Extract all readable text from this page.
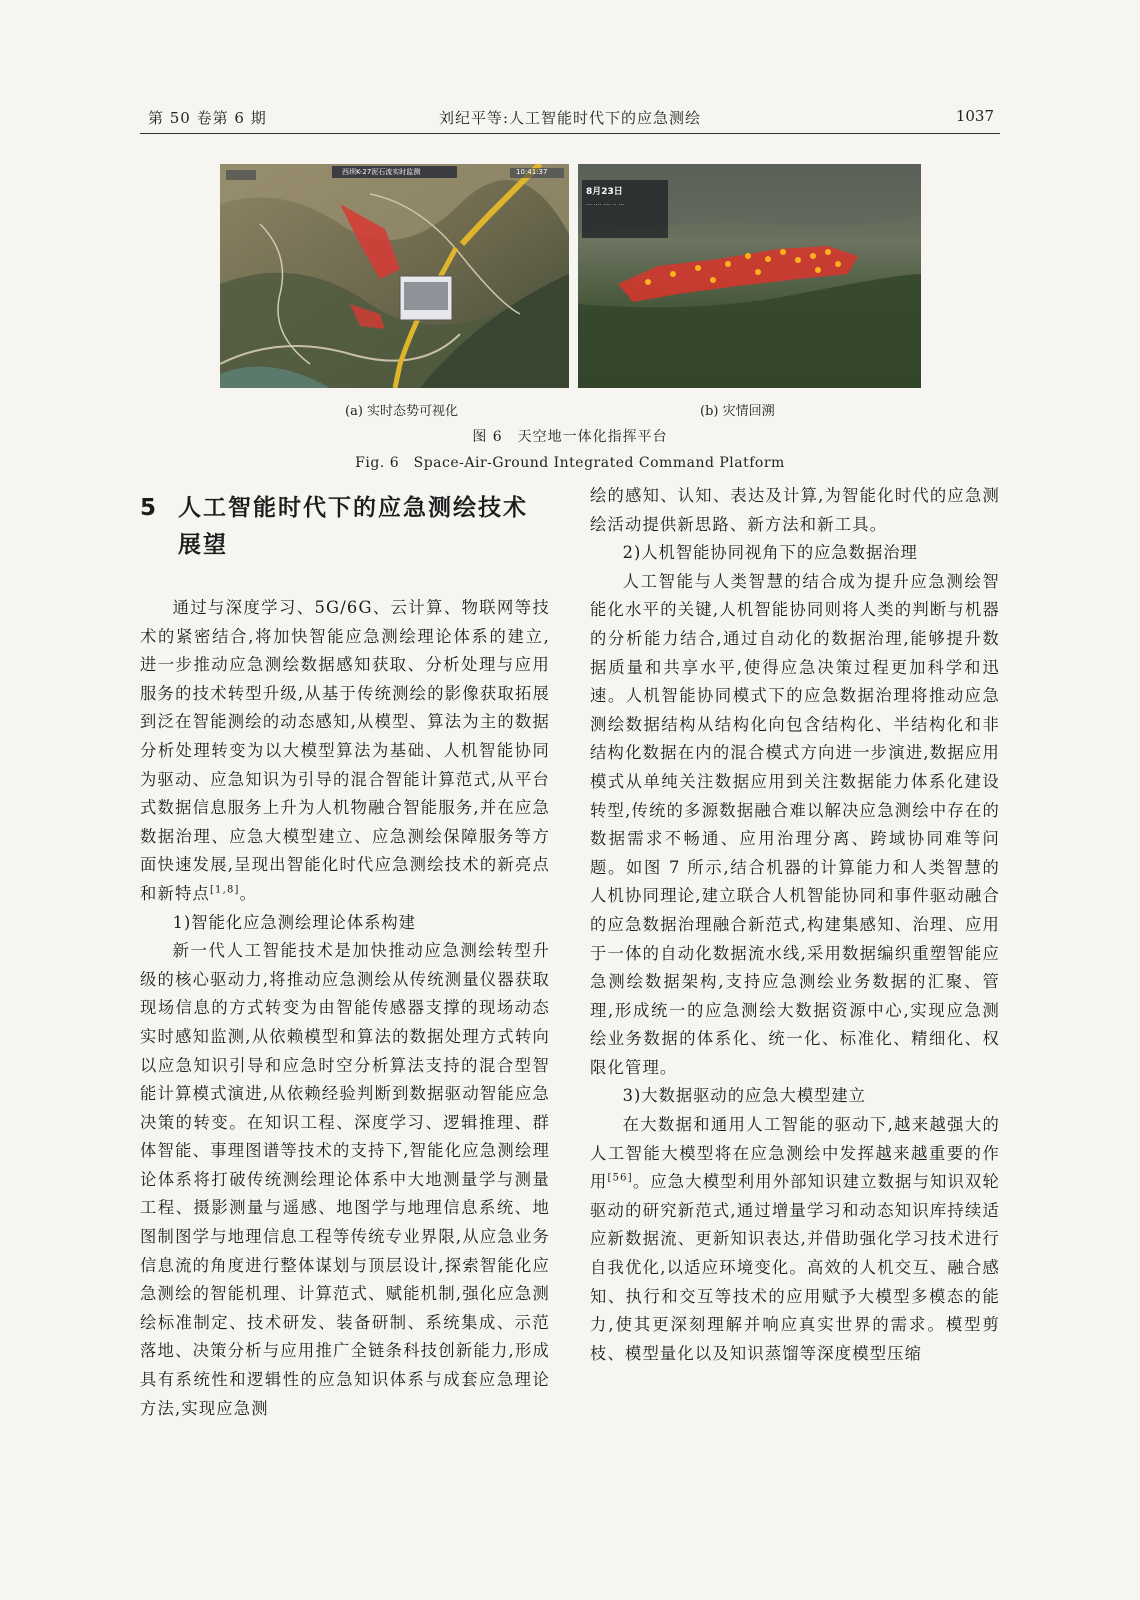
第 50 卷第 6 期	刘纪平等:人工智能时代下的应急测绘	1037
西坝K-27泥石流实时监测	10:41:37
8月23日
··· ···· ···· ·· ···
(a) 实时态势可视化	(b) 灾情回溯
图 6　天空地一体化指挥平台
Fig. 6　Space-Air-Ground Integrated Command Platform
5 人工智能时代下的应急测绘技术展望

通过与深度学习、5G/6G、云计算、物联网等技术的紧密结合,将加快智能应急测绘理论体系的建立,进一步推动应急测绘数据感知获取、分析处理与应用服务的技术转型升级,从基于传统测绘的影像获取拓展到泛在智能测绘的动态感知,从模型、算法为主的数据分析处理转变为以大模型算法为基础、人机智能协同为驱动、应急知识为引导的混合智能计算范式,从平台式数据信息服务上升为人机物融合智能服务,并在应急数据治理、应急大模型建立、应急测绘保障服务等方面快速发展,呈现出智能化时代应急测绘技术的新亮点和新特点[1,8]。

1)智能化应急测绘理论体系构建

新一代人工智能技术是加快推动应急测绘转型升级的核心驱动力,将推动应急测绘从传统测量仪器获取现场信息的方式转变为由智能传感器支撑的现场动态实时感知监测,从依赖模型和算法的数据处理方式转向以应急知识引导和应急时空分析算法支持的混合型智能计算模式演进,从依赖经验判断到数据驱动智能应急决策的转变。在知识工程、深度学习、逻辑推理、群体智能、事理图谱等技术的支持下,智能化应急测绘理论体系将打破传统测绘理论体系中大地测量学与测量工程、摄影测量与遥感、地图学与地理信息系统、地图制图学与地理信息工程等传统专业界限,从应急业务信息流的角度进行整体谋划与顶层设计,探索智能化应急测绘的智能机理、计算范式、赋能机制,强化应急测绘标准制定、技术研发、装备研制、系统集成、示范落地、决策分析与应用推广全链条科技创新能力,形成具有系统性和逻辑性的应急知识体系与成套应急理论方法,实现应急测

绘的感知、认知、表达及计算,为智能化时代的应急测绘活动提供新思路、新方法和新工具。

2)人机智能协同视角下的应急数据治理

人工智能与人类智慧的结合成为提升应急测绘智能化水平的关键,人机智能协同则将人类的判断与机器的分析能力结合,通过自动化的数据治理,能够提升数据质量和共享水平,使得应急决策过程更加科学和迅速。人机智能协同模式下的应急数据治理将推动应急测绘数据结构从结构化向包含结构化、半结构化和非结构化数据在内的混合模式方向进一步演进,数据应用模式从单纯关注数据应用到关注数据能力体系化建设转型,传统的多源数据融合难以解决应急测绘中存在的数据需求不畅通、应用治理分离、跨域协同难等问题。如图 7 所示,结合机器的计算能力和人类智慧的人机协同理论,建立联合人机智能协同和事件驱动融合的应急数据治理融合新范式,构建集感知、治理、应用于一体的自动化数据流水线,采用数据编织重塑智能应急测绘数据架构,支持应急测绘业务数据的汇聚、管理,形成统一的应急测绘大数据资源中心,实现应急测绘业务数据的体系化、统一化、标准化、精细化、权限化管理。

3)大数据驱动的应急大模型建立

在大数据和通用人工智能的驱动下,越来越强大的人工智能大模型将在应急测绘中发挥越来越重要的作用[56]。应急大模型利用外部知识建立数据与知识双轮驱动的研究新范式,通过增量学习和动态知识库持续适应新数据流、更新知识表达,并借助强化学习技术进行自我优化,以适应环境变化。高效的人机交互、融合感知、执行和交互等技术的应用赋予大模型多模态的能力,使其更深刻理解并响应真实世界的需求。模型剪枝、模型量化以及知识蒸馏等深度模型压缩
